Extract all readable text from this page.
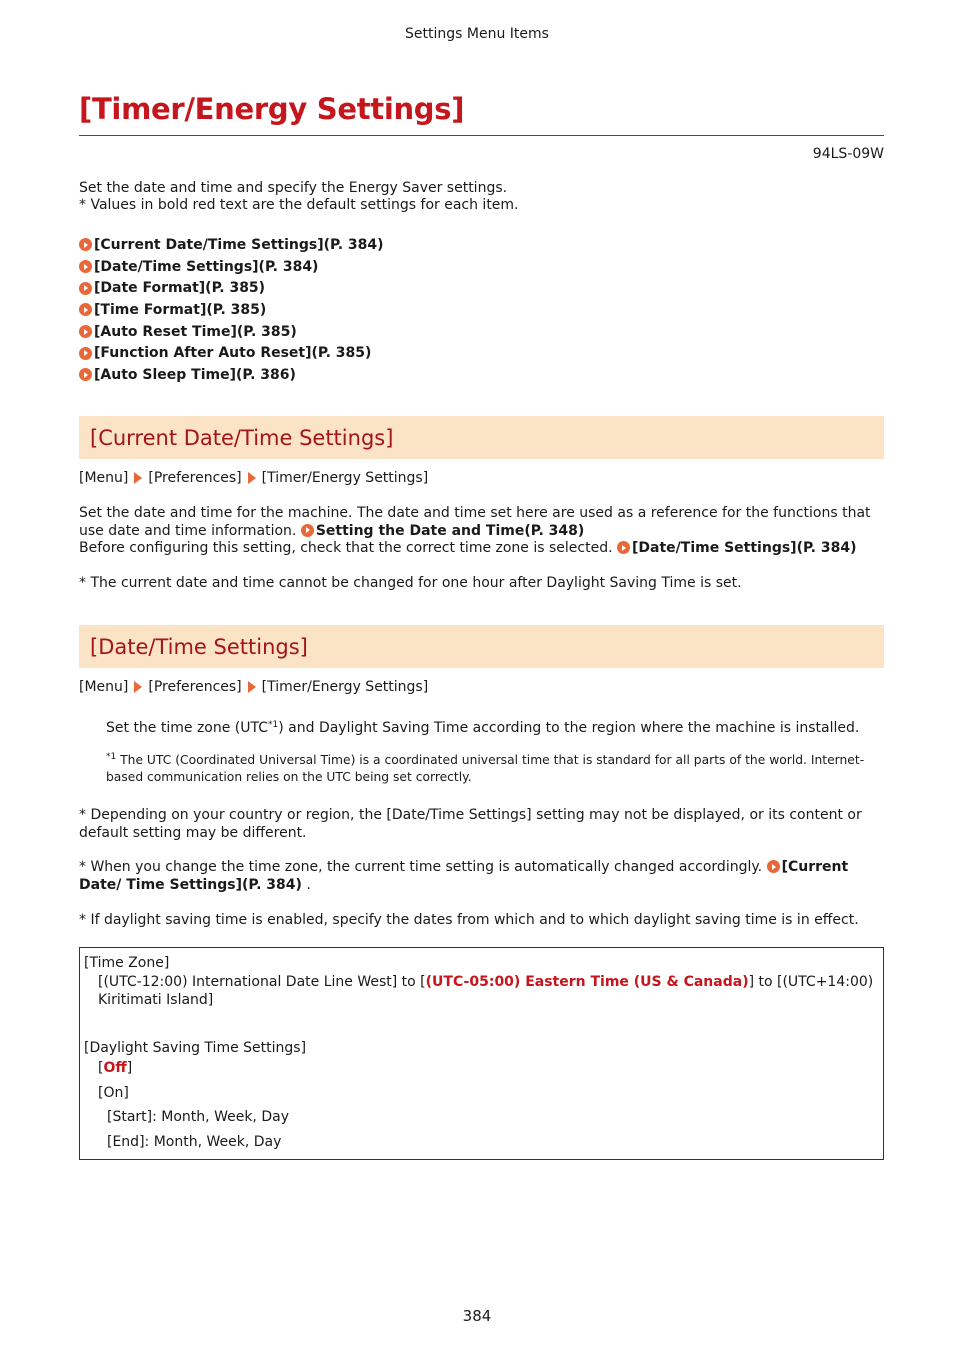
Settings Menu Items
[Timer/Energy Settings]
94LS-09W
Set the date and time and specify the Energy Saver settings.
* Values in bold red text are the default settings for each item.
[Current Date/Time Settings](P. 384)
[Date/Time Settings](P. 384)
[Date Format](P. 385)
[Time Format](P. 385)
[Auto Reset Time](P. 385)
[Function After Auto Reset](P. 385)
[Auto Sleep Time](P. 386)
[Current Date/Time Settings]
[Menu] [Preferences] [Timer/Energy Settings]
Set the date and time for the machine. The date and time set here are used as a reference for the functions that use date and time information. Setting the Date and Time(P. 348)
Before configuring this setting, check that the correct time zone is selected. [Date/Time Settings](P. 384)
* The current date and time cannot be changed for one hour after Daylight Saving Time is set.
[Date/Time Settings]
[Menu] [Preferences] [Timer/Energy Settings]
Set the time zone (UTC$^{*1}$) and Daylight Saving Time according to the region where the machine is installed.
$^{*1}$ The UTC (Coordinated Universal Time) is a coordinated universal time that is standard for all parts of the world. Internet-based communication relies on the UTC being set correctly.
* Depending on your country or region, the [Date/Time Settings] setting may not be displayed, or its content or default setting may be different.
* When you change the time zone, the current time setting is automatically changed accordingly. [Current Date/ Time Settings](P. 384) .
* If daylight saving time is enabled, specify the dates from which and to which daylight saving time is in effect.
[Time Zone]
[(UTC-12:00) International Date Line West] to [(UTC-05:00) Eastern Time (US & Canada)] to [(UTC+14:00) Kiritimati Island]
[Daylight Saving Time Settings]
[Off]
[On]
[Start]: Month, Week, Day
[End]: Month, Week, Day
384
